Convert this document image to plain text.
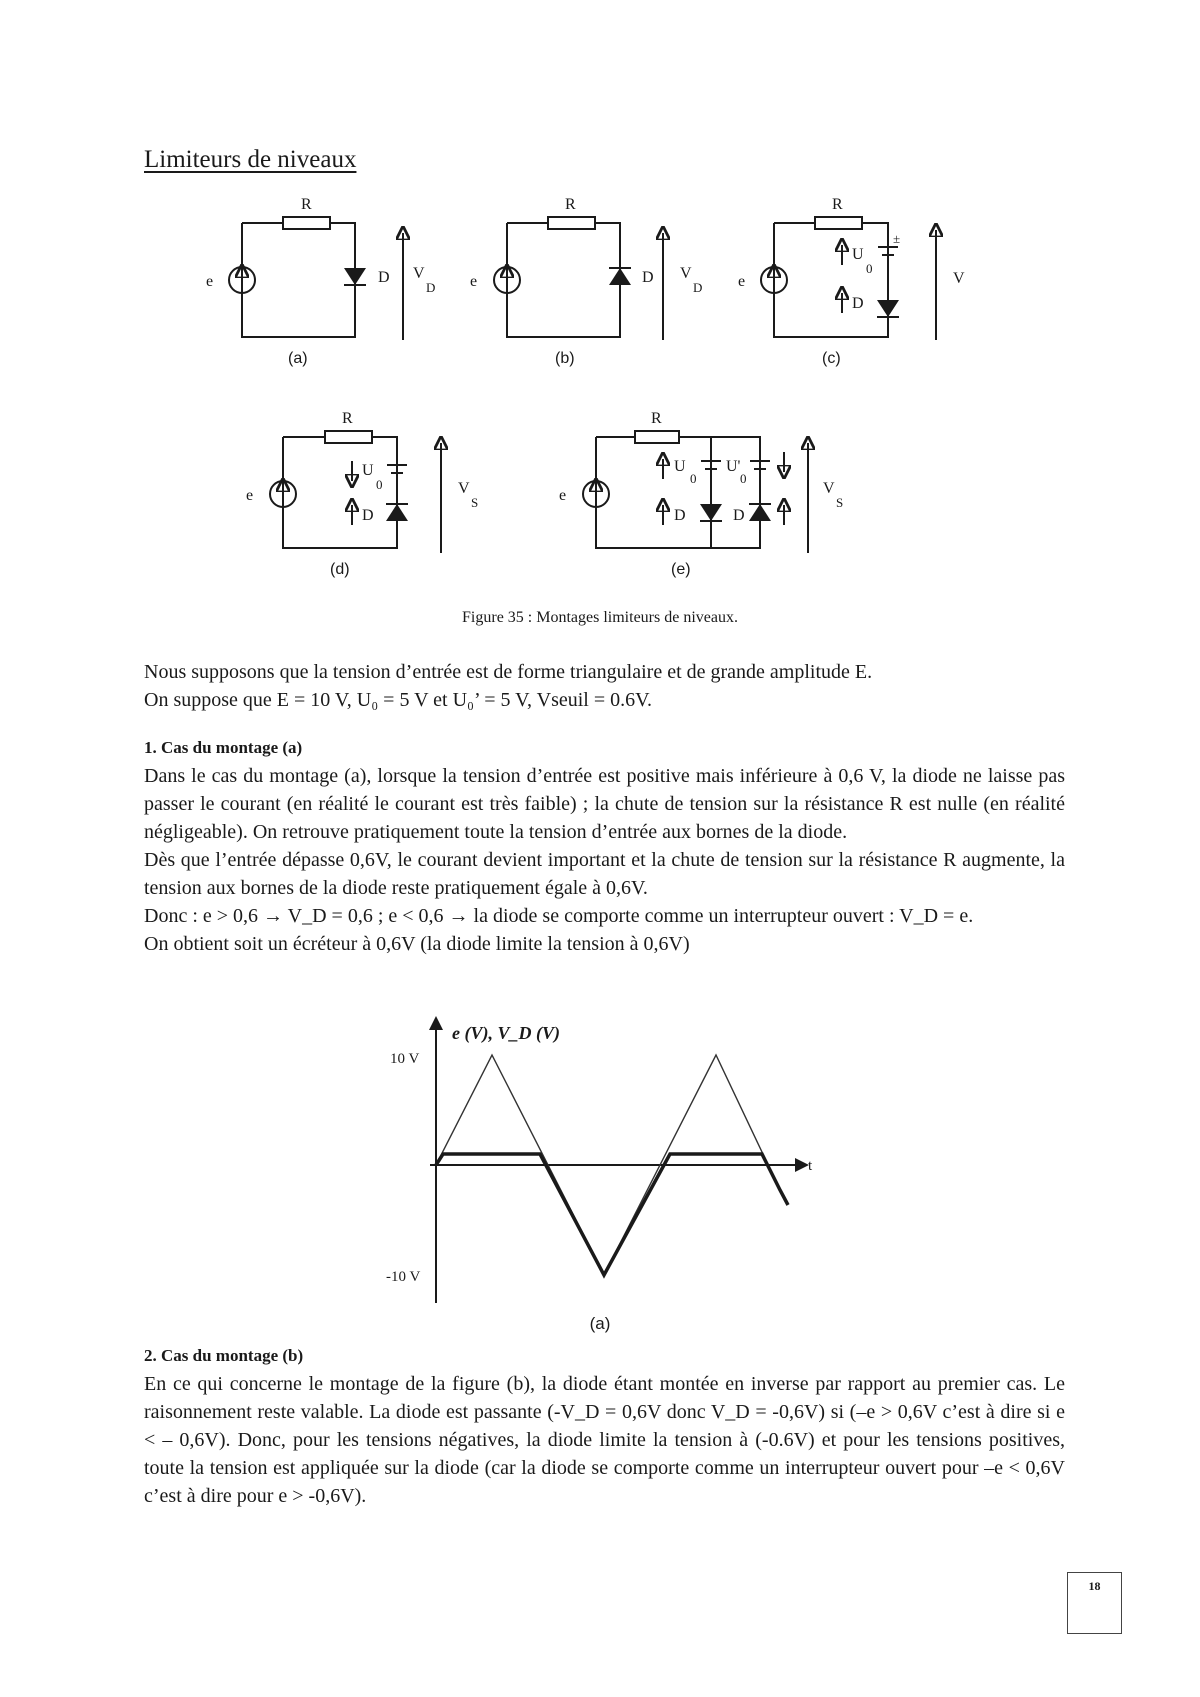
Limiteurs de niveaux
R
e	D V
D
(a)
R
e	D V
D
(b)
R
e
U
0
±
D
V
(c)
R
e
U
0
D
V
S
(d)
R
e
U
0
U'
0
D	D
V
S
(e)
Figure 35 : Montages limiteurs de niveaux.

Nous supposons que la tension d’entrée est de forme triangulaire et de grande amplitude E.

On suppose que E = 10 V, U₀ = 5 V et U₀’ = 5 V, Vseuil = 0.6V.

1. Cas du montage (a)

Dans le cas du montage (a), lorsque la tension d’entrée est positive mais inférieure à 0,6 V, la diode ne laisse pas passer le courant (en réalité le courant est très faible) ; la chute de tension sur la résistance R est nulle (en réalité négligeable). On retrouve pratiquement toute la tension d’entrée aux bornes de la diode.

Dès que l’entrée dépasse 0,6V, le courant devient important et la chute de tension sur la résistance R augmente, la tension aux bornes de la diode reste pratiquement égale à 0,6V.

Donc : e > 0,6 → V_D = 0,6 ; e < 0,6 → la diode se comporte comme un interrupteur ouvert : V_D = e.

On obtient soit un écréteur à 0,6V (la diode limite la tension à 0,6V)

e (V), V_D (V)
10 V
-10 V
t
(a)
2. Cas du montage (b)

En ce qui concerne le montage de la figure (b), la diode étant montée en inverse par rapport au premier cas. Le raisonnement reste valable. La diode est passante (-V_D = 0,6V donc V_D = -0,6V) si (–e > 0,6V c’est à dire si e < – 0,6V). Donc, pour les tensions négatives, la diode limite la tension à (-0.6V) et pour les tensions positives, toute la tension est appliquée sur la diode (car la diode se comporte comme un interrupteur ouvert pour –e < 0,6V c’est à dire pour e > -0,6V).

18
